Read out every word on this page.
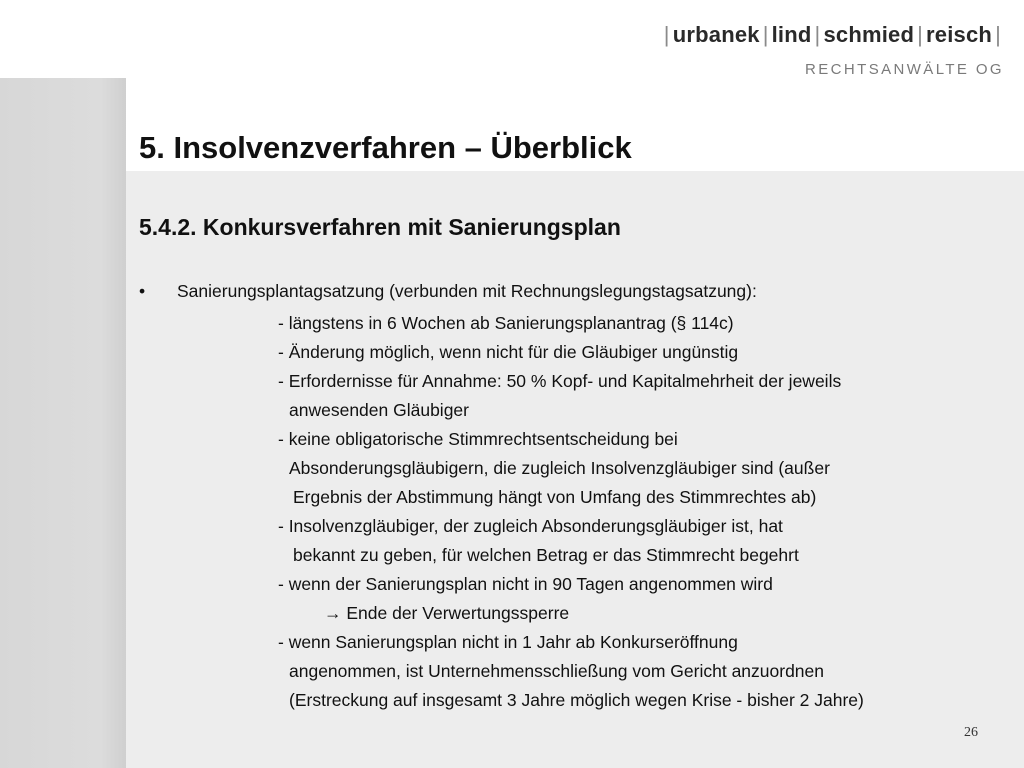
| urbanek | lind | schmied | reisch |
RECHTSANWÄLTE OG
5. Insolvenzverfahren – Überblick
5.4.2. Konkursverfahren mit Sanierungsplan
• Sanierungsplantagsatzung (verbunden mit Rechnungslegungstagsatzung):
- längstens in 6 Wochen ab Sanierungsplanantrag (§ 114c)
- Änderung möglich, wenn nicht für die Gläubiger ungünstig
- Erfordernisse für Annahme: 50 % Kopf- und Kapitalmehrheit der jeweils
anwesenden Gläubiger
- keine obligatorische Stimmrechtsentscheidung bei
Absonderungsgläubigern, die zugleich Insolvenzgläubiger sind (außer
Ergebnis der Abstimmung hängt von Umfang des Stimmrechtes ab)
- Insolvenzgläubiger, der zugleich Absonderungsgläubiger ist, hat
bekannt zu geben, für welchen Betrag er das Stimmrecht begehrt
- wenn der Sanierungsplan nicht in 90 Tagen angenommen wird
→ Ende der Verwertungssperre
- wenn Sanierungsplan nicht in 1 Jahr ab Konkurseröffnung
angenommen, ist Unternehmensschließung vom Gericht anzuordnen
(Erstreckung auf insgesamt 3 Jahre möglich wegen Krise - bisher 2 Jahre)
26
